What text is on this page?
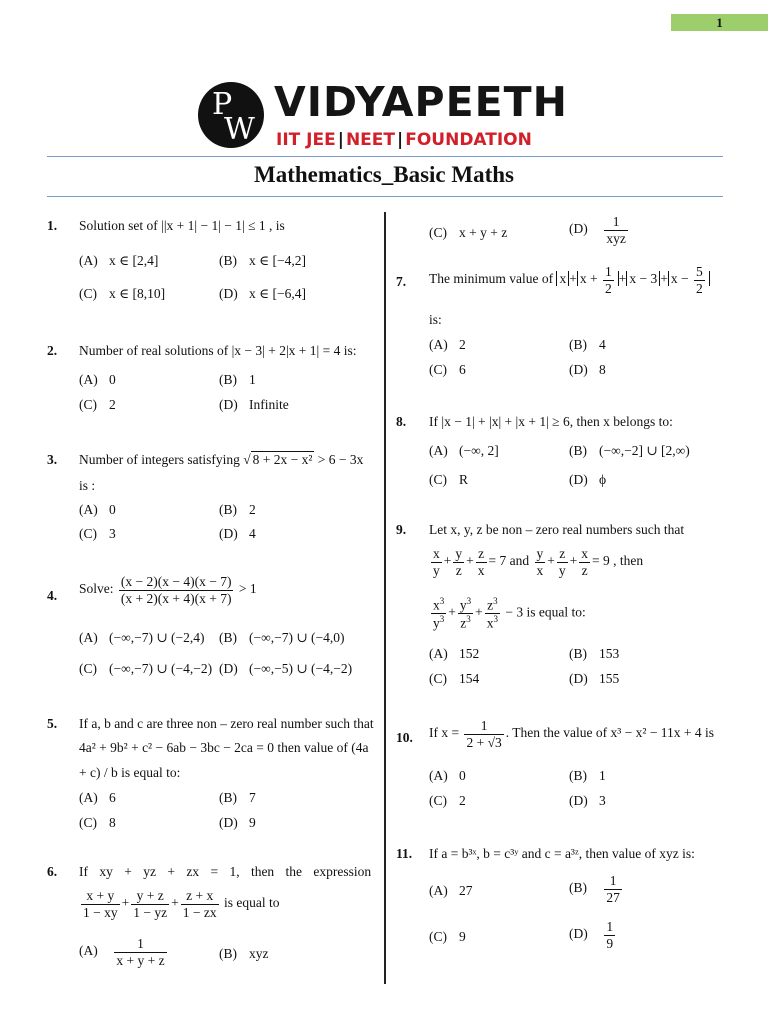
1
P
W
VIDYAPEETH
IIT JEE | NEET | FOUNDATION
Mathematics_Basic Maths
1. Solution set of ||x + 1| − 1| − 1| ≤ 1 , is
(A) x ∈ [2,4]	(B) x ∈ [−4,2]
(C) x ∈ [8,10]	(D) x ∈ [−6,4]
2. Number of real solutions of |x − 3| + 2|x + 1| = 4 is:
(A) 0	(B) 1
(C) 2	(D) Infinite
3. Number of integers satisfying √ 8 + 2x − x² > 6 − 3x
is :
(A) 0	(B) 2
(C) 3	(D) 4
4. Solve: $\frac{(x - 2)(x - 4)(x - 7)}{(x + 2)(x + 4)(x + 7)} > 1$
(A) (−∞,−7) ∪ (−2,4) (B) (−∞,−7) ∪ (−4,0)
(C) (−∞,−7) ∪ (−4,−2) (D) (−∞,−5) ∪ (−4,−2)
5. If a, b and c are three non – zero real number such that
4a² + 9b² + c² − 6ab − 3bc − 2ca = 0 then value of (4a
+ c) / b is equal to:
(A) 6	(B) 7
(C) 8	(D) 9
6. If xy + yz + zx = 1, then the expression
$\frac{x + y}{1 - xy} + \frac{y + z}{1 - yz} + \frac{z + x}{1 - zx}$ is equal to
$(A) \frac{1}{x + y + z}$	(B) xyz
(C) x + y + z	$(D) \frac{1}{\text{xyz}}$
7. The minimum value of $x + x + \frac{1}{2} + x - 3 + x - \frac{5}{2}$
is:
(A) 2	(B) 4
(C) 6	(D) 8
8. If |x − 1| + |x| + |x + 1| ≥ 6, then x belongs to:
(A) (−∞, 2]	(B) (−∞,−2] ∪ [2,∞)
(C) R	(D) ϕ
9. Let x, y, z be non – zero real numbers such that
$\frac{x}{y} + \frac{y}{z} + \frac{z}{x} = 7$ and $\frac{y}{x} + \frac{z}{y} + \frac{x}{z} = 9$ , then
$\frac{x^3}{y^3} + \frac{y^3}{z^3} + \frac{z^3}{x^3} - 3$ is equal to:
(A) 152	(B) 153
(C) 154	(D) 155
10. If $x = \frac{1}{2 + √3}$ . Then the value of x³ − x² − 11x + 4 is
(A) 0	(B) 1
(C) 2	(D) 3
11. If a = b³ˣ, b = c³ʸ and c = a³ᶻ, then value of xyz is:
(A) 27	$(B) \frac{1}{27}$
(C) 9	$(D) \frac{1}{9}$
